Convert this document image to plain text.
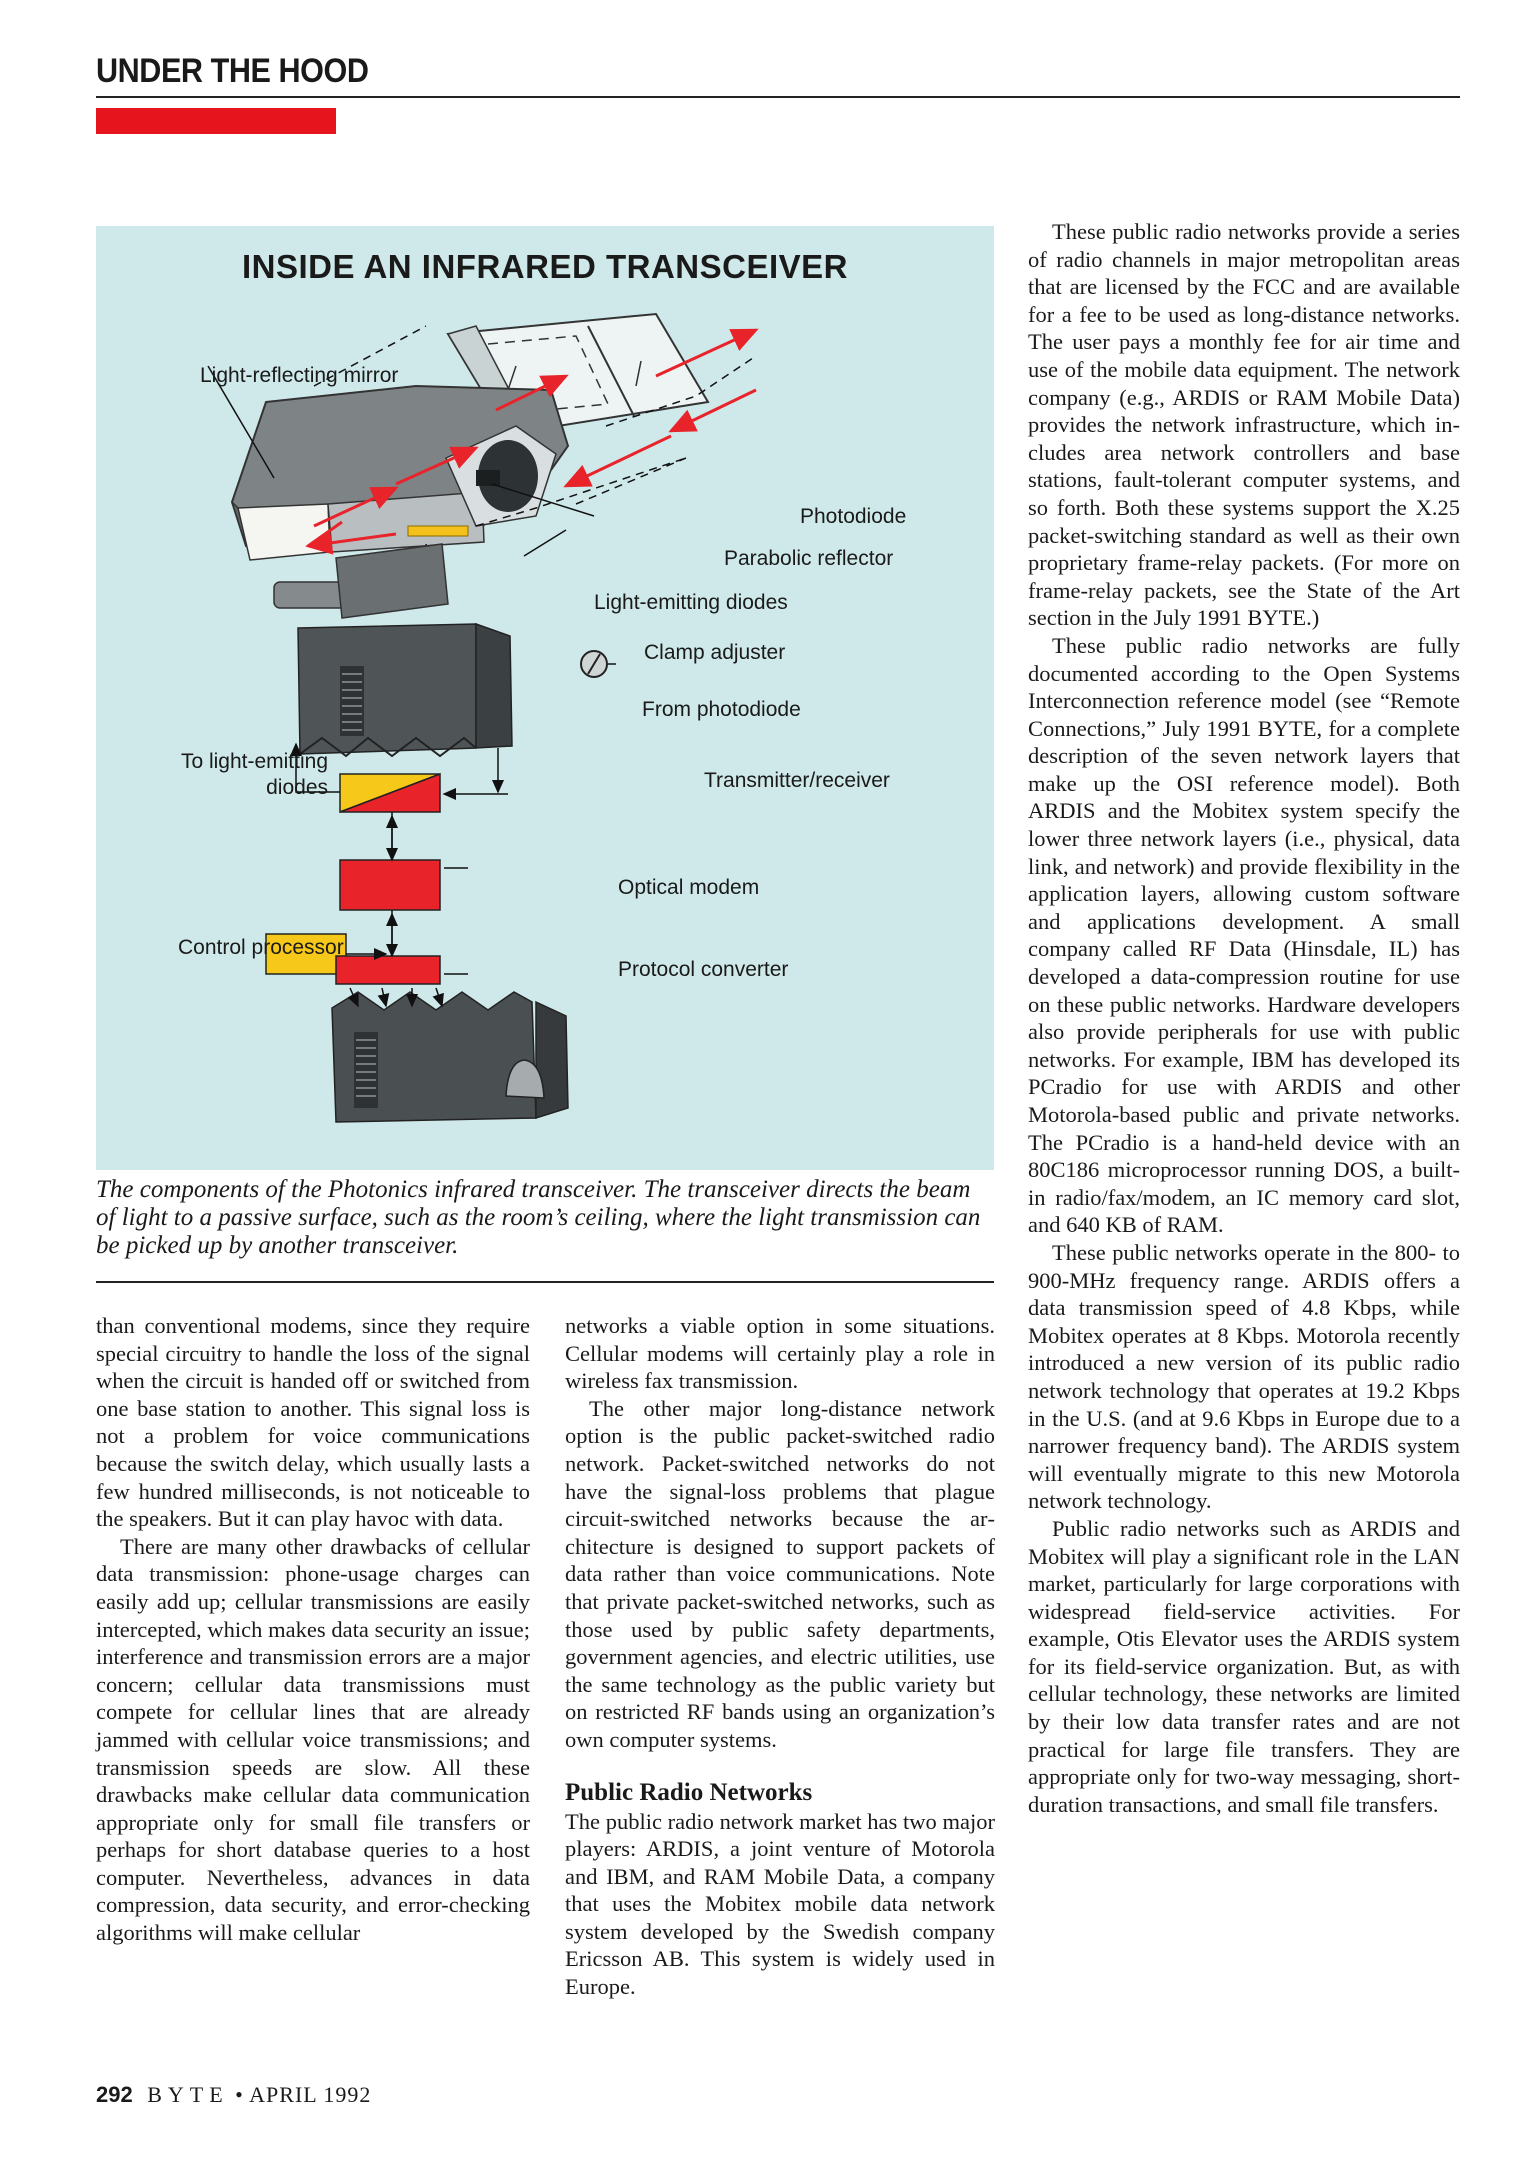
UNDER THE HOOD
INSIDE AN INFRARED TRANSCEIVER
Light-reflecting mirror
Photodiode
Parabolic reflector
Light-emitting diodes
Clamp adjuster
From photodiode
To light-emitting
diodes	Transmitter/receiver
Optical modem
Control processor
Protocol converter
The components of the Photonics infrared transceiver. The transceiver directs the beam of light to a passive surface, such as the room’s ceiling, where the light transmission can be picked up by another transceiver.

than conventional modems, since they require special circuitry to handle the loss of the signal when the circuit is handed off or switched from one base station to another. This signal loss is not a problem for voice communications because the switch delay, which usually lasts a few hundred milliseconds, is not noticeable to the speakers. But it can play havoc with data.

There are many other drawbacks of cellular data transmission: phone-usage charges can easily add up; cellular transmissions are easily intercepted, which makes data security an issue; interference and transmission errors are a major concern; cellular data transmissions must compete for cellular lines that are already jammed with cellular voice transmissions; and transmission speeds are slow. All these drawbacks make cellular data communication appropriate only for small file transfers or perhaps for short database queries to a host computer. Nevertheless, advances in data compression, data security, and error-checking algorithms will make cellular

networks a viable option in some situations. Cellular modems will certainly play a role in wireless fax transmission.

The other major long-distance network option is the public packet-switched radio network. Packet-switched networks do not have the signal-loss problems that plague circuit-switched networks because the architecture is designed to support packets of data rather than voice communications. Note that private packet-switched networks, such as those used by public safety departments, government agencies, and electric utilities, use the same technology as the public variety but on restricted RF bands using an organization’s own computer systems.

Public Radio Networks

The public radio network market has two major players: ARDIS, a joint venture of Motorola and IBM, and RAM Mobile Data, a company that uses the Mobitex mobile data network system developed by the Swedish company Ericsson AB. This system is widely used in Europe.

These public radio networks provide a series of radio channels in major metropolitan areas that are licensed by the FCC and are available for a fee to be used as long-distance networks. The user pays a monthly fee for air time and use of the mobile data equipment. The network company (e.g., ARDIS or RAM Mobile Data) provides the network infrastructure, which includes area network controllers and base stations, fault-tolerant computer systems, and so forth. Both these systems support the X.25 packet-switching standard as well as their own proprietary frame-relay packets. (For more on frame-relay packets, see the State of the Art section in the July 1991 BYTE.)

These public radio networks are fully documented according to the Open Systems Interconnection reference model (see “Remote Connections,” July 1991 BYTE, for a complete description of the seven network layers that make up the OSI reference model). Both ARDIS and the Mobitex system specify the lower three network layers (i.e., physical, data link, and network) and provide flexibility in the application layers, allowing custom software and applications development. A small company called RF Data (Hinsdale, IL) has developed a data-compression routine for use on these public networks. Hardware developers also provide peripherals for use with public networks. For example, IBM has developed its PCradio for use with ARDIS and other Motorola-based public and private networks. The PCradio is a hand-held device with an 80C186 microprocessor running DOS, a built-in radio/fax/modem, an IC memory card slot, and 640 KB of RAM.

These public networks operate in the 800- to 900-MHz frequency range. ARDIS offers a data transmission speed of 4.8 Kbps, while Mobitex operates at 8 Kbps. Motorola recently introduced a new version of its public radio network technology that operates at 19.2 Kbps in the U.S. (and at 9.6 Kbps in Europe due to a narrower frequency band). The ARDIS system will eventually migrate to this new Motorola network technology.

Public radio networks such as ARDIS and Mobitex will play a significant role in the LAN market, particularly for large corporations with widespread field-service activities. For example, Otis Elevator uses the ARDIS system for its field-service organization. But, as with cellular technology, these networks are limited by their low data transfer rates and are not practical for large file transfers. They are appropriate only for two-way messaging, short-duration transactions, and small file transfers.

292 BYTE • APRIL 1992
